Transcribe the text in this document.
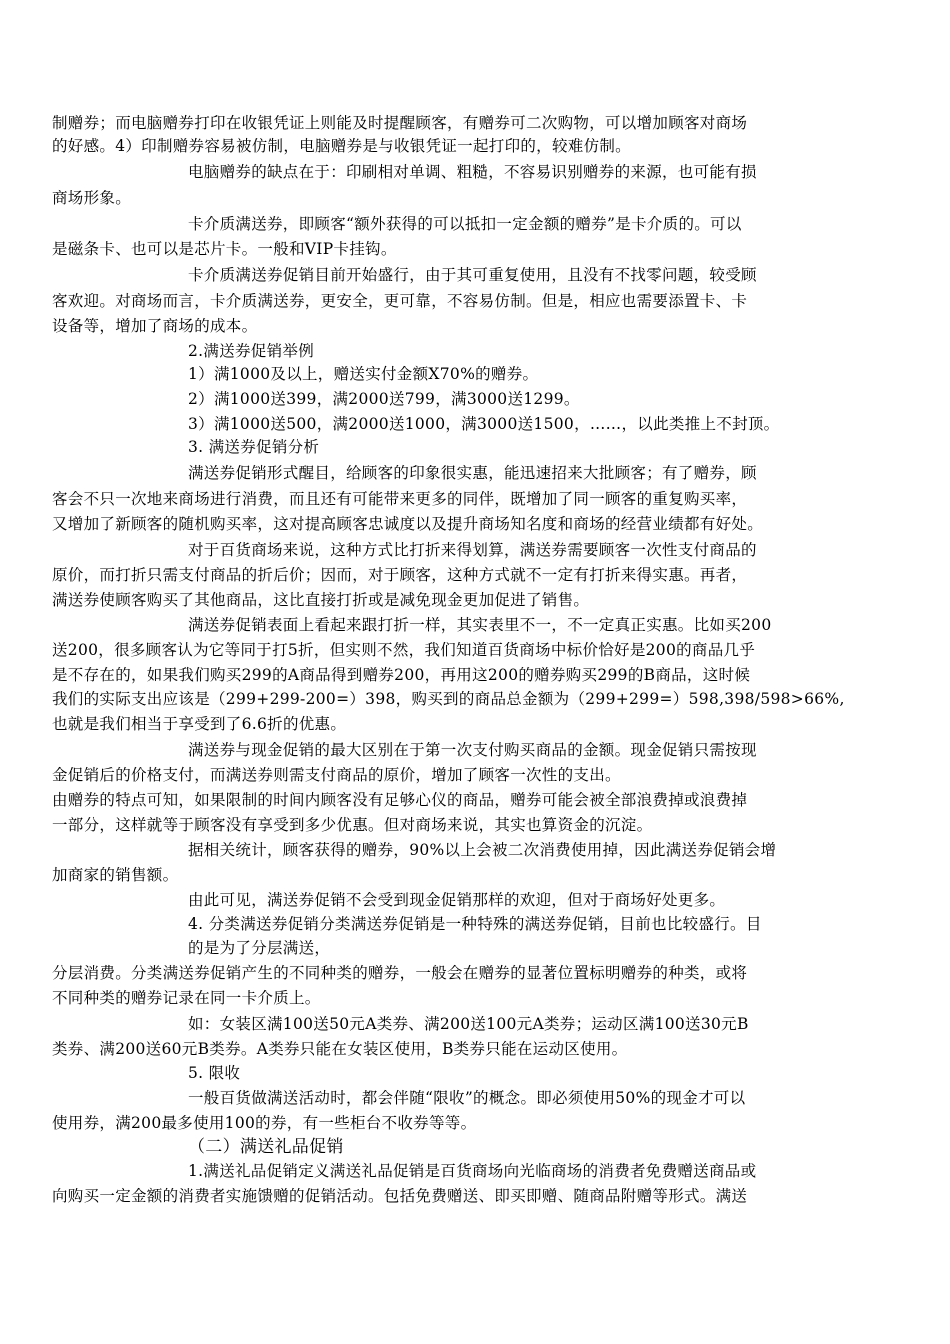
制赠券；而电脑赠券打印在收银凭证上则能及时提醒顾客，有赠券可二次购物，可以增加顾客对商场
的好感。4）印制赠券容易被仿制，电脑赠券是与收银凭证一起打印的，较难仿制。
电脑赠券的缺点在于：印刷相对单调、粗糙，不容易识别赠券的来源，也可能有损
商场形象。
卡介质满送券，即顾客“额外获得的可以抵扣一定金额的赠券”是卡介质的。可以
是磁条卡、也可以是芯片卡。一般和VIP卡挂钩。
卡介质满送券促销目前开始盛行，由于其可重复使用，且没有不找零问题，较受顾
客欢迎。对商场而言，卡介质满送券，更安全，更可靠，不容易仿制。但是，相应也需要添置卡、卡
设备等，增加了商场的成本。
2.满送券促销举例
1）满1000及以上，赠送实付金额X70%的赠券。
2）满1000送399，满2000送799，满3000送1299。
3）满1000送500，满2000送1000，满3000送1500，……，以此类推上不封顶。
3. 满送券促销分析
满送券促销形式醒目，给顾客的印象很实惠，能迅速招来大批顾客；有了赠券，顾
客会不只一次地来商场进行消费，而且还有可能带来更多的同伴，既增加了同一顾客的重复购买率，
又增加了新顾客的随机购买率，这对提高顾客忠诚度以及提升商场知名度和商场的经营业绩都有好处。
对于百货商场来说，这种方式比打折来得划算，满送券需要顾客一次性支付商品的
原价，而打折只需支付商品的折后价；因而，对于顾客，这种方式就不一定有打折来得实惠。再者，
满送券使顾客购买了其他商品，这比直接打折或是减免现金更加促进了销售。
满送券促销表面上看起来跟打折一样，其实表里不一，不一定真正实惠。比如买200
送200，很多顾客认为它等同于打5折，但实则不然，我们知道百货商场中标价恰好是200的商品几乎
是不存在的，如果我们购买299的A商品得到赠券200，再用这200的赠券购买299的B商品，这时候
我们的实际支出应该是（299+299-200=）398，购买到的商品总金额为（299+299=）598,398/598>66%,
也就是我们相当于享受到了6.6折的优惠。
满送券与现金促销的最大区别在于第一次支付购买商品的金额。现金促销只需按现
金促销后的价格支付，而满送券则需支付商品的原价，增加了顾客一次性的支出。
由赠券的特点可知，如果限制的时间内顾客没有足够心仪的商品，赠券可能会被全部浪费掉或浪费掉
一部分，这样就等于顾客没有享受到多少优惠。但对商场来说，其实也算资金的沉淀。
据相关统计，顾客获得的赠券，90%以上会被二次消费使用掉，因此满送券促销会增
加商家的销售额。
由此可见，满送券促销不会受到现金促销那样的欢迎，但对于商场好处更多。
4. 分类满送券促销分类满送券促销是一种特殊的满送券促销，目前也比较盛行。目
的是为了分层满送，
分层消费。分类满送券促销产生的不同种类的赠券，一般会在赠券的显著位置标明赠券的种类，或将
不同种类的赠券记录在同一卡介质上。
如：女装区满100送50元A类券、满200送100元A类券；运动区满100送30元B
类券、满200送60元B类券。A类券只能在女装区使用，B类券只能在运动区使用。
5. 限收
一般百货做满送活动时，都会伴随“限收”的概念。即必须使用50%的现金才可以
使用券，满200最多使用100的券，有一些柜台不收券等等。
（二）满送礼品促销
1.满送礼品促销定义满送礼品促销是百货商场向光临商场的消费者免费赠送商品或
向购买一定金额的消费者实施馈赠的促销活动。包括免费赠送、即买即赠、随商品附赠等形式。满送
